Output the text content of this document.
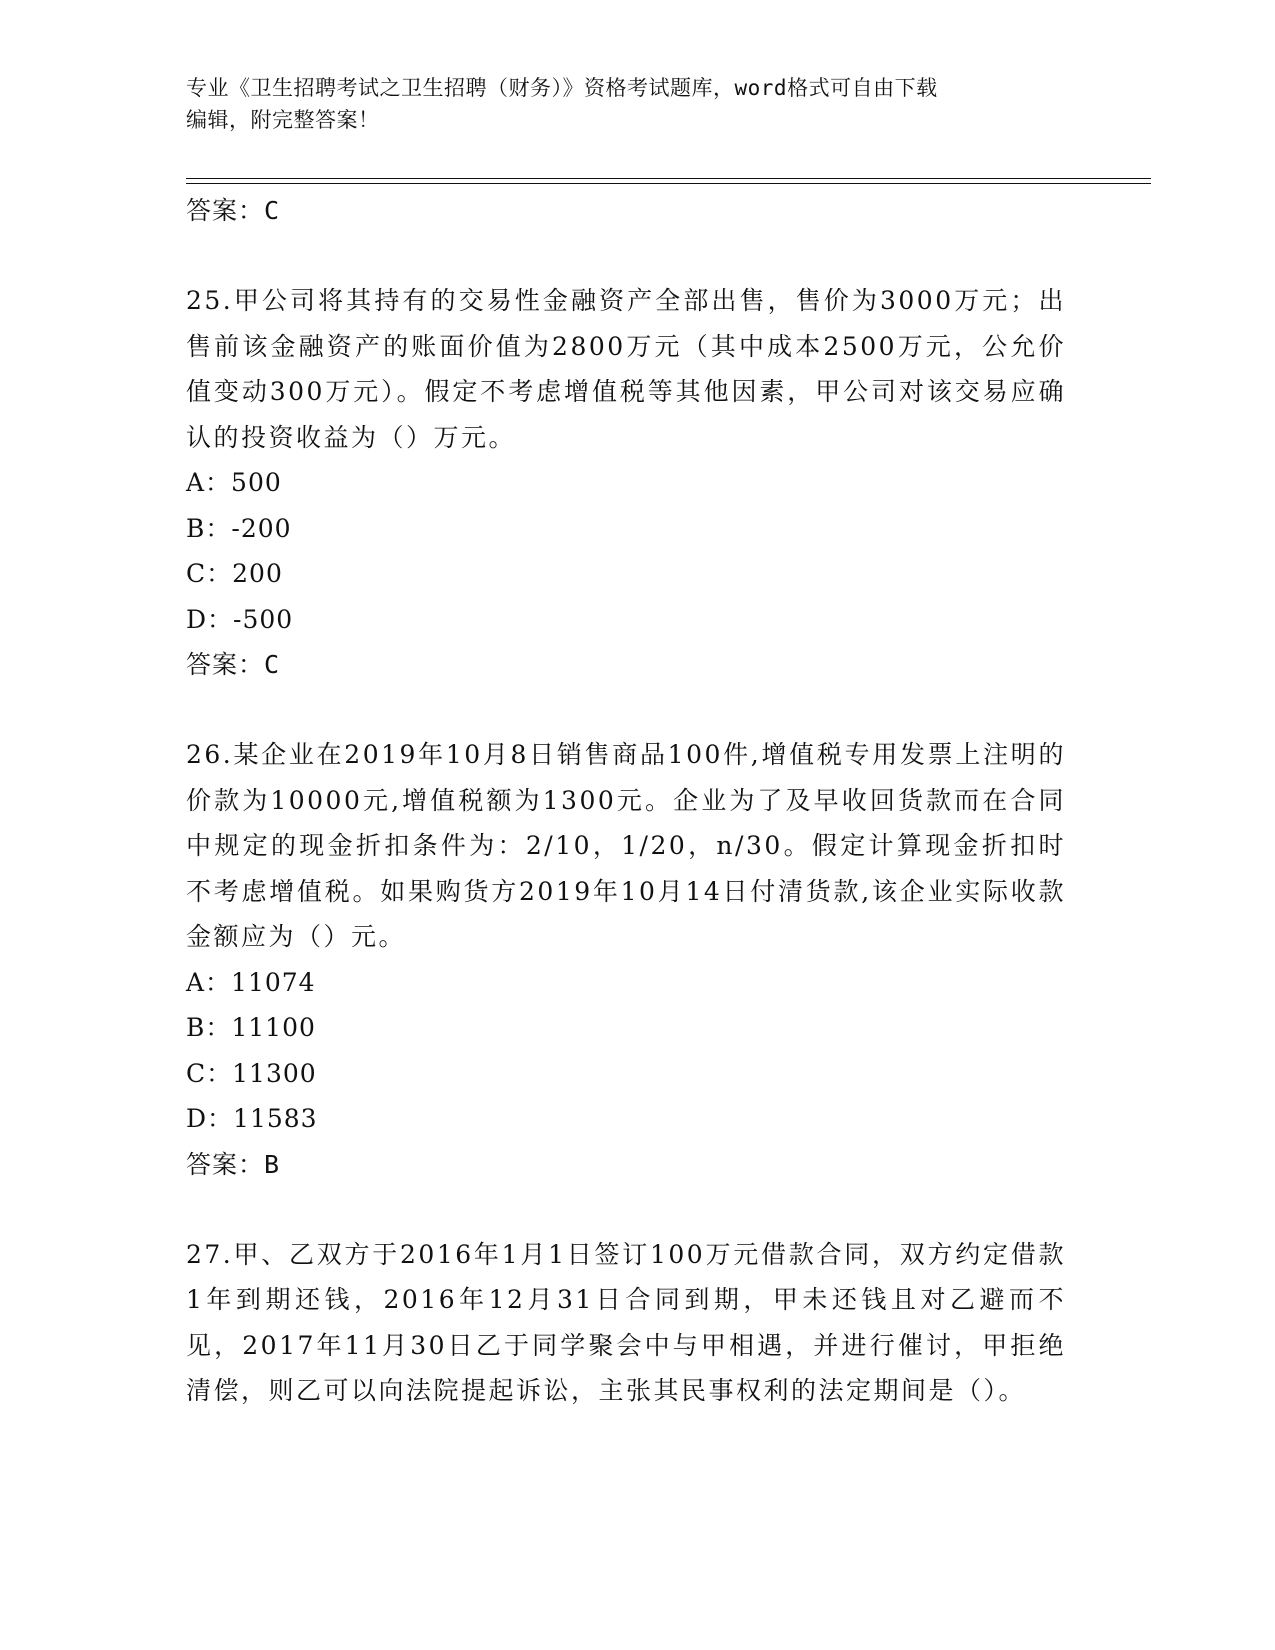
专业《卫生招聘考试之卫生招聘（财务）》资格考试题库，word格式可自由下载
编辑，附完整答案！

答案：C

25.甲公司将其持有的交易性金融资产全部出售，售价为3000万元；出售前该金融资产的账面价值为2800万元（其中成本2500万元，公允价值变动300万元）。假定不考虑增值税等其他因素，甲公司对该交易应确认的投资收益为（）万元。

A：500

B：-200

C：200

D：-500

答案：C

26.某企业在2019年10月8日销售商品100件,增值税专用发票上注明的价款为10000元,增值税额为1300元。企业为了及早收回货款而在合同中规定的现金折扣条件为：2/10，1/20，n/30。假定计算现金折扣时不考虑增值税。如果购货方2019年10月14日付清货款,该企业实际收款金额应为（）元。

A：11074

B：11100

C：11300

D：11583

答案：B

27.甲、乙双方于2016年1月1日签订100万元借款合同，双方约定借款1年到期还钱，2016年12月31日合同到期，甲未还钱且对乙避而不见，2017年11月30日乙于同学聚会中与甲相遇，并进行催讨，甲拒绝清偿，则乙可以向法院提起诉讼，主张其民事权利的法定期间是（）。
